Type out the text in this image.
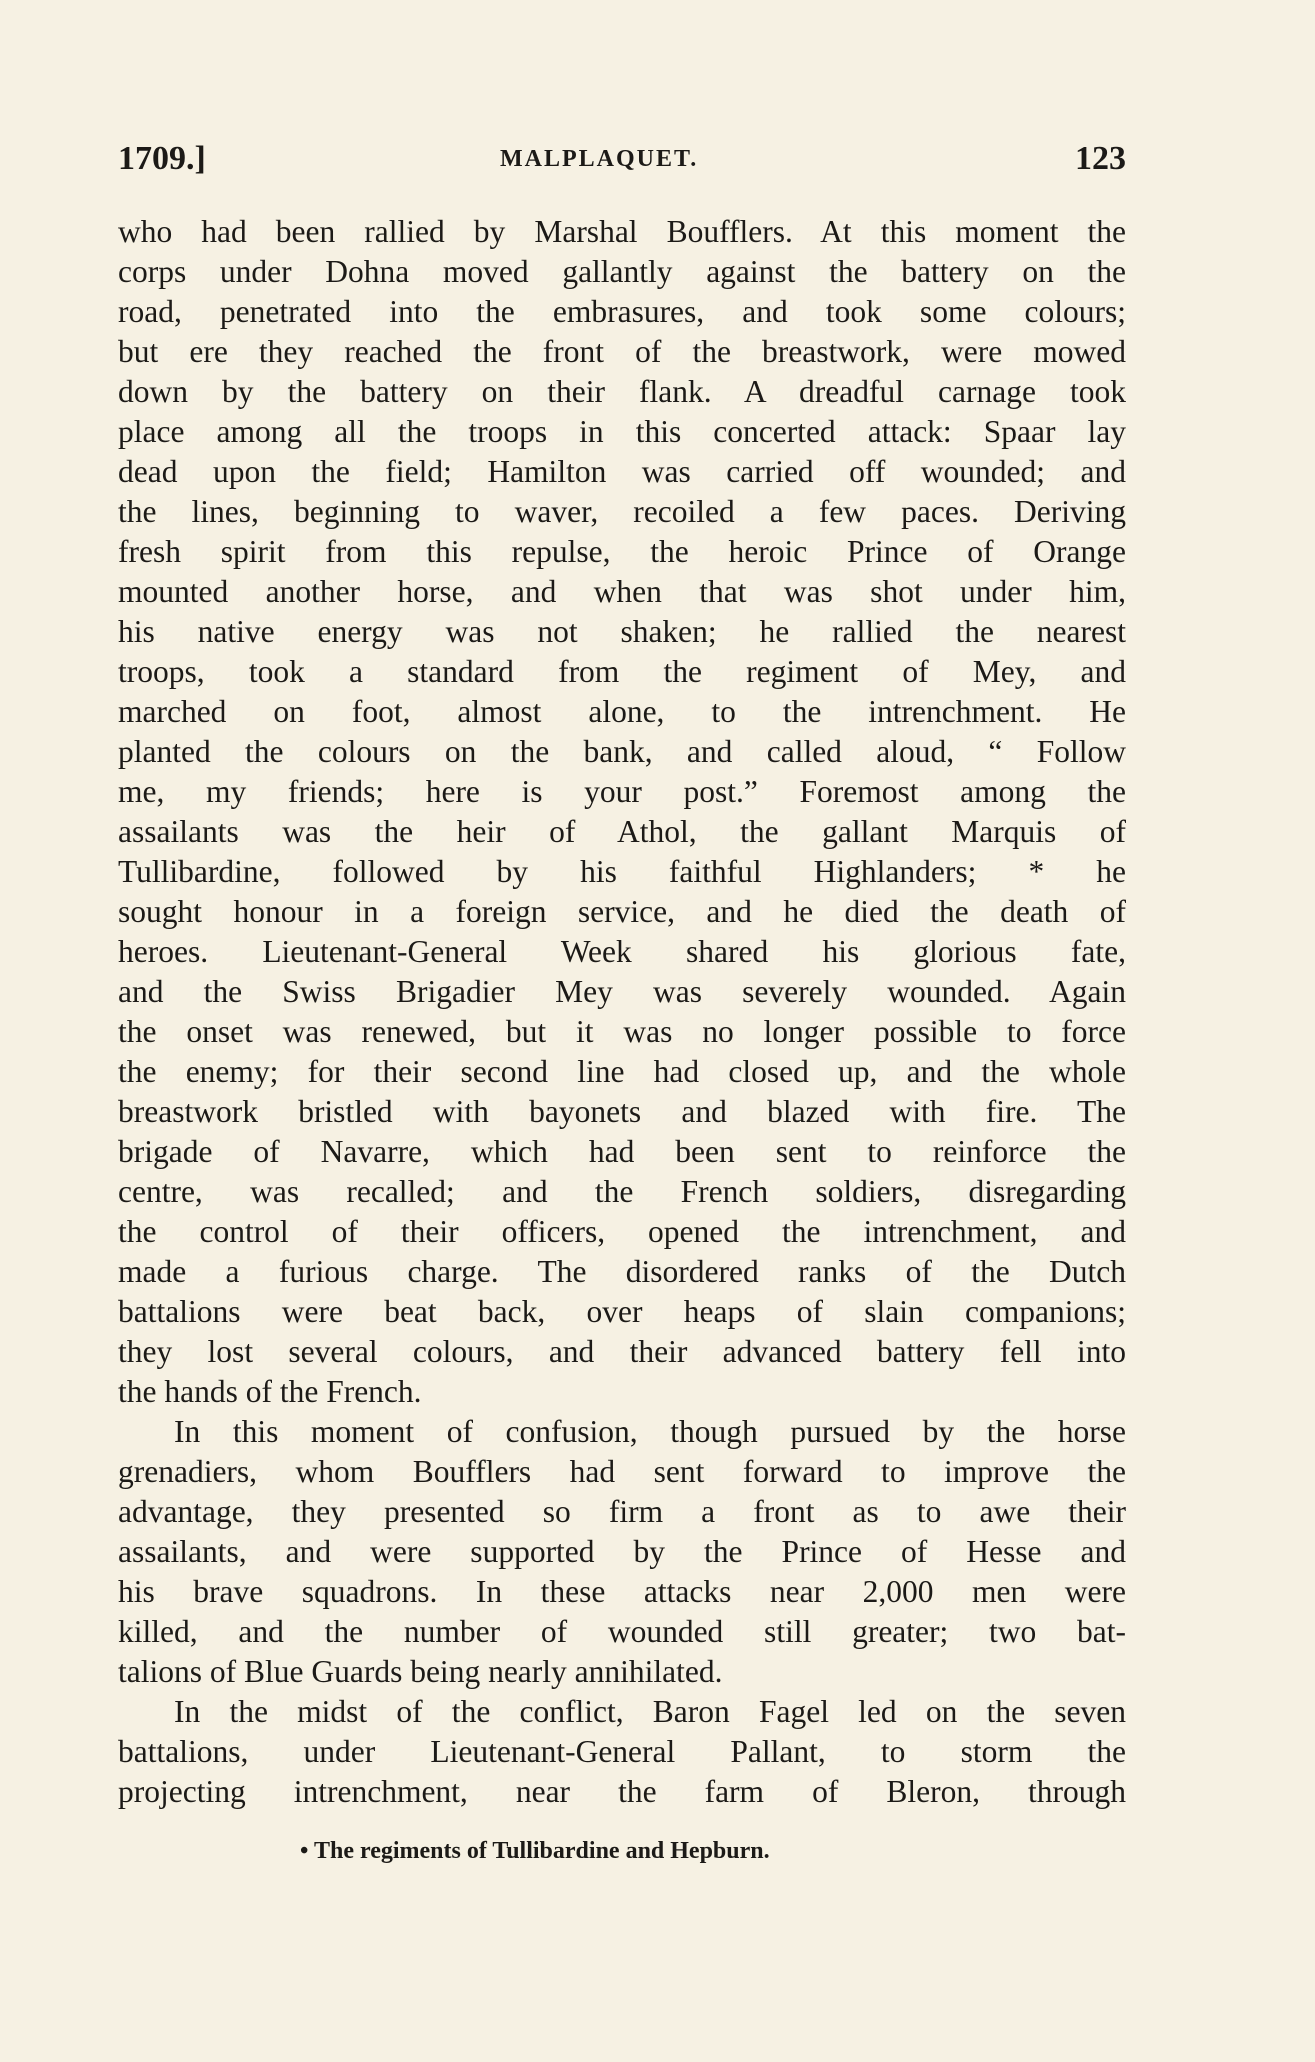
1709.]	MALPLAQUET.	123
who had been rallied by Marshal Boufflers. At this moment the
corps under Dohna moved gallantly against the battery on the
road, penetrated into the embrasures, and took some colours;
but ere they reached the front of the breastwork, were mowed
down by the battery on their flank. A dreadful carnage took
place among all the troops in this concerted attack: Spaar lay
dead upon the field; Hamilton was carried off wounded; and
the lines, beginning to waver, recoiled a few paces. Deriving
fresh spirit from this repulse, the heroic Prince of Orange
mounted another horse, and when that was shot under him,
his native energy was not shaken; he rallied the nearest
troops, took a standard from the regiment of Mey, and
marched on foot, almost alone, to the intrenchment. He
planted the colours on the bank, and called aloud, “ Follow
me, my friends; here is your post.” Foremost among the
assailants was the heir of Athol, the gallant Marquis of
Tullibardine, followed by his faithful Highlanders; * he
sought honour in a foreign service, and he died the death of
heroes. Lieutenant-General Week shared his glorious fate,
and the Swiss Brigadier Mey was severely wounded. Again
the onset was renewed, but it was no longer possible to force
the enemy; for their second line had closed up, and the whole
breastwork bristled with bayonets and blazed with fire. The
brigade of Navarre, which had been sent to reinforce the
centre, was recalled; and the French soldiers, disregarding
the control of their officers, opened the intrenchment, and
made a furious charge. The disordered ranks of the Dutch
battalions were beat back, over heaps of slain companions;
they lost several colours, and their advanced battery fell into
the hands of the French.
In this moment of confusion, though pursued by the horse
grenadiers, whom Boufflers had sent forward to improve the
advantage, they presented so firm a front as to awe their
assailants, and were supported by the Prince of Hesse and
his brave squadrons. In these attacks near 2,000 men were
killed, and the number of wounded still greater; two bat-
talions of Blue Guards being nearly annihilated.
In the midst of the conflict, Baron Fagel led on the seven
battalions, under Lieutenant-General Pallant, to storm the
projecting intrenchment, near the farm of Bleron, through
• The regiments of Tullibardine and Hepburn.
